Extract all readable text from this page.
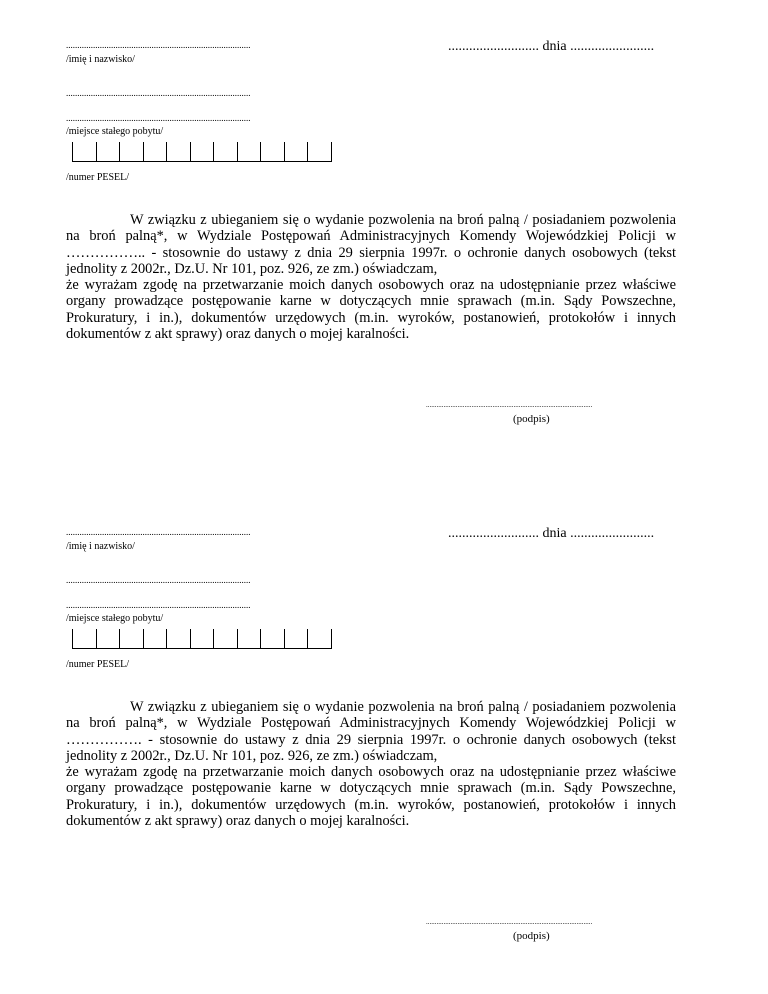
..................................................................................
/imię i nazwisko/
.......................... dnia ........................
..................................................................................
..................................................................................
/miejsce stałego pobytu/
/numer PESEL/

W związku z ubieganiem się o wydanie pozwolenia na broń palną / posiadaniem pozwolenia na broń palną*, w Wydziale Postępowań Administracyjnych Komendy Wojewódzkiej Policji w …………….. - stosownie do ustawy z dnia 29 sierpnia 1997r. o ochronie danych osobowych (tekst jednolity z 2002r., Dz.U. Nr 101, poz. 926, ze zm.) oświadczam,

że wyrażam zgodę na przetwarzanie moich danych osobowych oraz na udostępnianie przez właściwe organy prowadzące postępowanie karne w dotyczących mnie sprawach (m.in. Sądy Powszechne, Prokuratury, i in.), dokumentów urzędowych (m.in. wyroków, postanowień, protokołów i innych dokumentów z akt sprawy) oraz danych o mojej karalności.

...............................................................................................
(podpis)
..................................................................................
/imię i nazwisko/
.......................... dnia ........................
..................................................................................
..................................................................................
/miejsce stałego pobytu/
/numer PESEL/

W związku z ubieganiem się o wydanie pozwolenia na broń palną / posiadaniem pozwolenia na broń palną*, w Wydziale Postępowań Administracyjnych Komendy Wojewódzkiej Policji w ……………. - stosownie do ustawy z dnia 29 sierpnia 1997r. o ochronie danych osobowych (tekst jednolity z 2002r., Dz.U. Nr 101, poz. 926, ze zm.) oświadczam,

że wyrażam zgodę na przetwarzanie moich danych osobowych oraz na udostępnianie przez właściwe organy prowadzące postępowanie karne w dotyczących mnie sprawach (m.in. Sądy Powszechne, Prokuratury, i in.), dokumentów urzędowych (m.in. wyroków, postanowień, protokołów i innych dokumentów z akt sprawy) oraz danych o mojej karalności.

...............................................................................................
(podpis)
